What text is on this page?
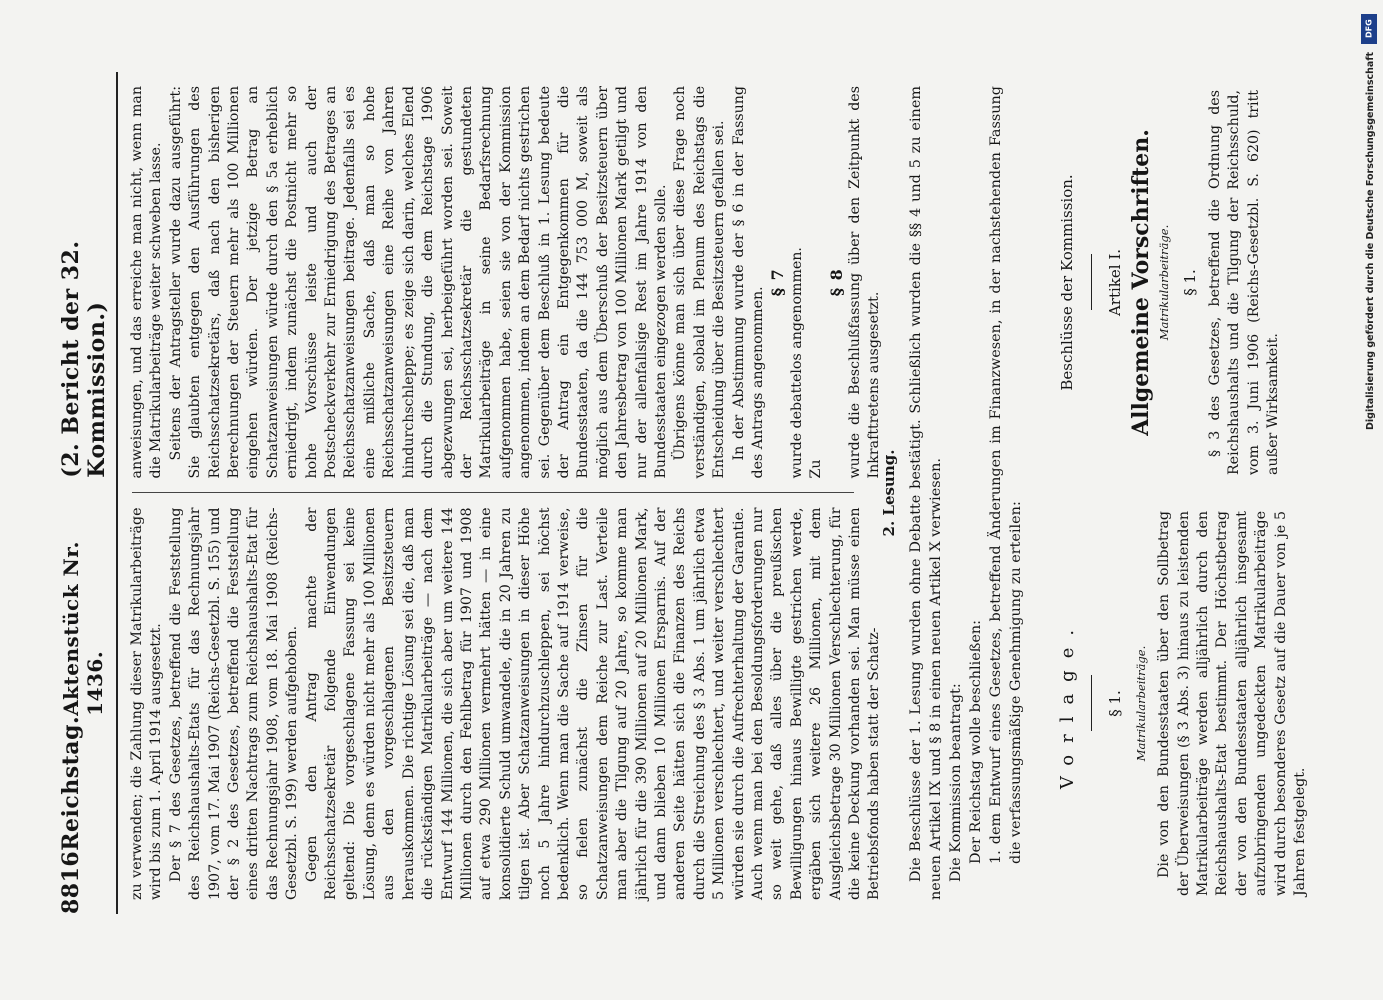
8816
Reichstag.
Aktenstück Nr. 1436.
(2. Bericht der 32. Kommission.)

zu verwenden; die Zahlung dieser Matrikularbeiträge wird bis zum 1. April 1914 ausgesetzt. Der § 7 des Gesetzes, betreffend die Feststellung des Reichshaushalts-Etats für das Rechnungsjahr 1907, vom 17. Mai 1907 (Reichs-Gesetzbl. S. 155) und der § 2 des Gesetzes, betreffend die Feststellung eines dritten Nachtrags zum Reichshaushalts-Etat für das Rechnungsjahr 1908, vom 18. Mai 1908 (Reichs-Gesetzbl. S. 199) werden aufgehoben. Gegen den Antrag machte der Reichsschatzsekretär folgende Einwendungen geltend: Die vorgeschlagene Fassung sei keine Lösung, denn es würden nicht mehr als 100 Millionen aus den vorgeschlagenen Besitzsteuern herauskommen. Die richtige Lösung sei die, daß man die rückständigen Matrikularbeiträge — nach dem Entwurf 144 Millionen, die sich aber um weitere 144 Millionen durch den Fehlbetrag für 1907 und 1908 auf etwa 290 Millionen vermehrt hätten — in eine konsolidierte Schuld umwandele, die in 20 Jahren zu tilgen ist. Aber Schatzanweisungen in dieser Höhe noch 5 Jahre hindurchzuschleppen, sei höchst bedenklich. Wenn man die Sache auf 1914 verweise, so fielen zunächst die Zinsen für die Schatzanweisungen dem Reiche zur Last. Verteile man aber die Tilgung auf 20 Jahre, so komme man jährlich für die 390 Millionen auf 20 Millionen Mark, und dann blieben 10 Millionen Ersparnis. Auf der anderen Seite hätten sich die Finanzen des Reichs durch die Streichung des § 3 Abs. 1 um jährlich etwa 5 Millionen verschlechtert, und weiter verschlechtert würden sie durch die Aufrechterhaltung der Garantie. Auch wenn man bei den Besoldungsforderungen nur so weit gehe, daß alles über die preußischen Bewilligungen hinaus Bewilligte gestrichen werde, ergäben sich weitere 26 Millionen, mit dem Ausgleichsbetrage 30 Millionen Verschlechterung, für die keine Deckung vorhanden sei. Man müsse einen Betriebsfonds haben statt der Schatz-

anweisungen, und das erreiche man nicht, wenn man die Matrikularbeiträge weiter schweben lasse. Seitens der Antragsteller wurde dazu ausgeführt: Sie glaubten entgegen den Ausführungen des Reichsschatzsekretärs, daß nach den bisherigen Berechnungen der Steuern mehr als 100 Millionen eingehen würden. Der jetzige Betrag an Schatzanweisungen würde durch den § 5a erheblich erniedrigt, indem zunächst die Postnicht mehr so hohe Vorschüsse leiste und auch der Postscheckverkehr zur Erniedrigung des Betrages an Reichsschatzanweisungen beitrage. Jedenfalls sei es eine mißliche Sache, daß man so hohe Reichsschatzanweisungen eine Reihe von Jahren hindurchschleppe; es zeige sich darin, welches Elend durch die Stundung, die dem Reichstage 1906 abgezwungen sei, herbeigeführt worden sei. Soweit der Reichsschatzsekretär die gestundeten Matrikularbeiträge in seine Bedarfsrechnung aufgenommen habe, seien sie von der Kommission angenommen, indem an dem Bedarf nichts gestrichen sei. Gegenüber dem Beschluß in 1. Lesung bedeute der Antrag ein Entgegenkommen für die Bundesstaaten, da die 144 753 000 M, soweit als möglich aus dem Überschuß der Besitzsteuern über den Jahresbetrag von 100 Millionen Mark getilgt und nur der allenfallsige Rest im Jahre 1914 von den Bundesstaaten eingezogen werden solle. Übrigens könne man sich über diese Frage noch verständigen, sobald im Plenum des Reichstags die Entscheidung über die Besitzsteuern gefallen sei. In der Abstimmung wurde der § 6 in der Fassung des Antrags angenommen.

§ 7 wurde debattelos angenommen. Zu

§ 8 wurde die Beschlußfassung über den Zeitpunkt des Inkrafttretens ausgesetzt.

2. Lesung. Die Beschlüsse der 1. Lesung wurden ohne Debatte bestätigt. Schließlich wurden die §§ 4 und 5 zu einem neuen Artikel IX und § 8 in einen neuen Artikel X verwiesen. Die Kommission beantragt: Der Reichstag wolle beschließen: 1. dem Entwurf eines Gesetzes, betreffend Änderungen im Finanzwesen, in der nachstehenden Fassung die verfassungsmäßige Genehmigung zu erteilen: Vorlage. § 1. Matrikularbeiträge. Die von den Bundesstaaten über den Sollbetrag der Überweisungen (§ 3 Abs. 3) hinaus zu leistenden Matrikularbeiträge werden alljährlich durch den Reichshaushalts-Etat bestimmt. Der Höchstbetrag der von den Bundesstaaten alljährlich insgesamt aufzubringenden ungedeckten Matrikularbeiträge wird durch besonderes Gesetz auf die Dauer von je 5 Jahren festgelegt.

Beschlüsse der Kommission. Artikel I. Allgemeine Vorschriften. Matrikularbeiträge. § 1. § 3 des Gesetzes, betreffend die Ordnung des Reichshaushalts und die Tilgung der Reichsschuld, vom 3. Juni 1906 (Reichs-Gesetzbl. S. 620) tritt außer Wirksamkeit.

DFG
Digitalisierung gefördert durch die Deutsche Forschungsgemeinschaft
